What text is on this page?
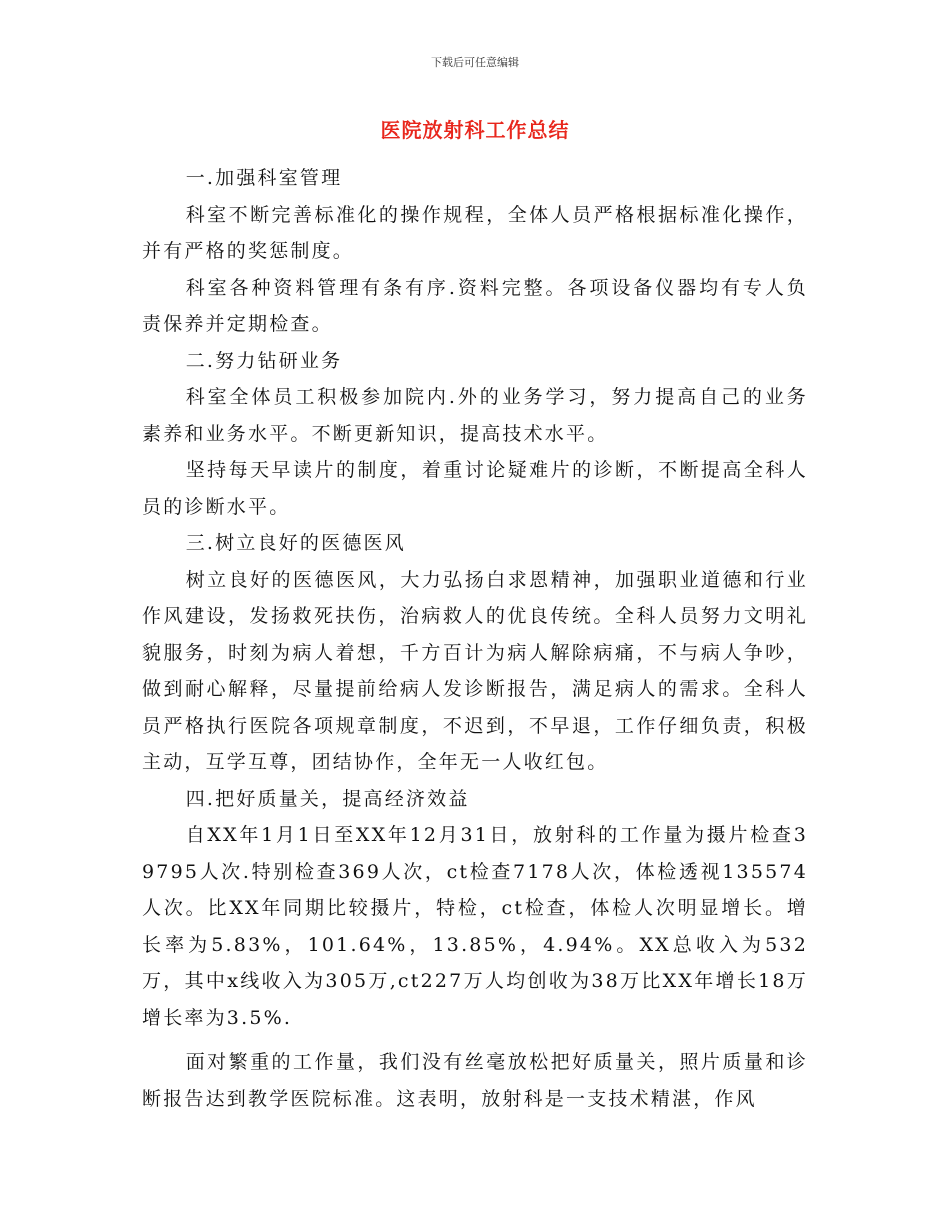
下载后可任意编辑
医院放射科工作总结

一.加强科室管理

科室不断完善标准化的操作规程，全体人员严格根据标准化操作，并有严格的奖惩制度。

科室各种资料管理有条有序.资料完整。各项设备仪器均有专人负责保养并定期检查。

二.努力钻研业务

科室全体员工积极参加院内.外的业务学习，努力提高自己的业务素养和业务水平。不断更新知识，提高技术水平。

坚持每天早读片的制度，着重讨论疑难片的诊断，不断提高全科人员的诊断水平。

三.树立良好的医德医风

树立良好的医德医风，大力弘扬白求恩精神，加强职业道德和行业作风建设，发扬救死扶伤，治病救人的优良传统。全科人员努力文明礼貌服务，时刻为病人着想，千方百计为病人解除病痛，不与病人争吵，做到耐心解释，尽量提前给病人发诊断报告，满足病人的需求。全科人员严格执行医院各项规章制度，不迟到，不早退，工作仔细负责，积极主动，互学互尊，团结协作，全年无一人收红包。

四.把好质量关，提高经济效益

自XX年1月1日至XX年12月31日，放射科的工作量为摄片检查39795人次.特别检查369人次，ct检查7178人次，体检透视135574人次。比XX年同期比较摄片，特检，ct检查，体检人次明显增长。增长率为5.83%，101.64%，13.85%，4.94%。XX总收入为532万，其中x线收入为305万,ct227万人均创收为38万比XX年增长18万增长率为3.5%.

面对繁重的工作量，我们没有丝毫放松把好质量关，照片质量和诊断报告达到教学医院标准。这表明，放射科是一支技术精湛，作风
